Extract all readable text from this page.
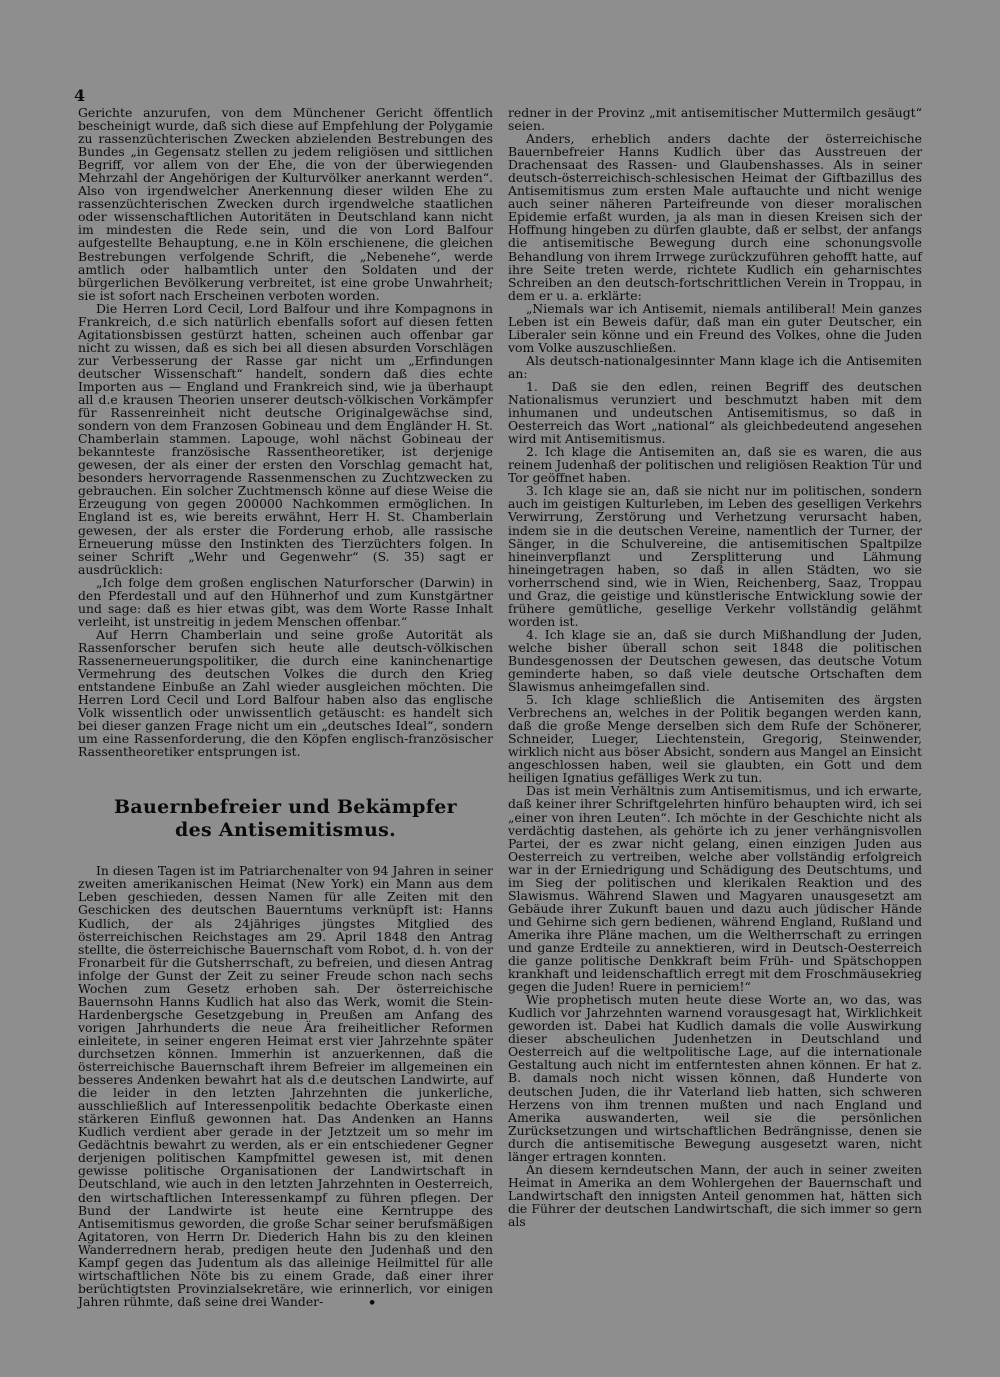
4

Gerichte anzurufen, von dem Münchener Gericht öffentlich bescheinigt wurde, daß sich diese auf Empfehlung der Polygamie zu rassenzüchterischen Zwecken abzielenden Bestrebungen des Bundes „in Gegensatz stellen zu jedem religiösen und sittlichen Begriff, vor allem von der Ehe, die von der überwiegenden Mehrzahl der Angehörigen der Kulturvölker anerkannt werden“. Also von irgendwelcher Anerkennung dieser wilden Ehe zu rassenzüchterischen Zwecken durch irgendwelche staatlichen oder wissenschaftlichen Autoritäten in Deutschland kann nicht im mindesten die Rede sein, und die von Lord Balfour aufgestellte Behauptung, e.ne in Köln erschienene, die gleichen Bestrebungen verfolgende Schrift, die „Nebenehe“, werde amtlich oder halbamtlich unter den Soldaten und der bürgerlichen Bevölkerung verbreitet, ist eine grobe Unwahrheit; sie ist sofort nach Erscheinen verboten worden.

Die Herren Lord Cecil, Lord Balfour und ihre Kompagnons in Frankreich, d.e sich natürlich ebenfalls sofort auf diesen fetten Agitationsbissen gestürzt hatten, scheinen auch offenbar gar nicht zu wissen, daß es sich bei all diesen absurden Vorschlägen zur Verbesserung der Rasse gar nicht um „Erfindungen deutscher Wissenschaft“ handelt, sondern daß dies echte Importen aus — England und Frankreich sind, wie ja überhaupt all d.e krausen Theorien unserer deutsch-völkischen Vorkämpfer für Rassenreinheit nicht deutsche Originalgewächse sind, sondern von dem Franzosen Gobineau und dem Engländer H. St. Chamberlain stammen. Lapouge, wohl nächst Gobineau der bekannteste französische Rassentheoretiker, ist derjenige gewesen, der als einer der ersten den Vorschlag gemacht hat, besonders hervorragende Rassenmenschen zu Zuchtzwecken zu gebrauchen. Ein solcher Zuchtmensch könne auf diese Weise die Erzeugung von gegen 200000 Nachkommen ermöglichen. In England ist es, wie bereits erwähnt, Herr H. St. Chamberlain gewesen, der als erster die Forderung erhob, alle rassische Erneuerung müsse den Instinkten des Tierzüchters folgen. In seiner Schrift „Wehr und Gegenwehr“ (S. 35) sagt er ausdrücklich:

„Ich folge dem großen englischen Naturforscher (Darwin) in den Pferdestall und auf den Hühnerhof und zum Kunstgärtner und sage: daß es hier etwas gibt, was dem Worte Rasse Inhalt verleiht, ist unstreitig in jedem Menschen offenbar.“

Auf Herrn Chamberlain und seine große Autorität als Rassenforscher berufen sich heute alle deutsch-völkischen Rassenerneuerungspolitiker, die durch eine kaninchenartige Vermehrung des deutschen Volkes die durch den Krieg entstandene Einbuße an Zahl wieder ausgleichen möchten. Die Herren Lord Cecil und Lord Balfour haben also das englische Volk wissentlich oder unwissentlich getäuscht: es handelt sich bei dieser ganzen Frage nicht um ein „deutsches Ideal“, sondern um eine Rassenforderung, die den Köpfen englisch-französischer Rassentheoretiker entsprungen ist.

Bauernbefreier und Bekämpfer
des Antisemitismus.

In diesen Tagen ist im Patriarchenalter von 94 Jahren in seiner zweiten amerikanischen Heimat (New York) ein Mann aus dem Leben geschieden, dessen Namen für alle Zeiten mit den Geschicken des deutschen Bauerntums verknüpft ist: Hanns Kudlich, der als 24jähriges jüngstes Mitglied des österreichischen Reichstages am 29. April 1848 den Antrag stellte, die österreichische Bauernschaft vom Robot, d. h. von der Fronarbeit für die Gutsherrschaft, zu befreien, und diesen Antrag infolge der Gunst der Zeit zu seiner Freude schon nach sechs Wochen zum Gesetz erhoben sah. Der österreichische Bauernsohn Hanns Kudlich hat also das Werk, womit die Stein-Hardenbergsche Gesetzgebung in Preußen am Anfang des vorigen Jahrhunderts die neue Ära freiheitlicher Reformen einleitete, in seiner engeren Heimat erst vier Jahrzehnte später durchsetzen können. Immerhin ist anzuerkennen, daß die österreichische Bauernschaft ihrem Befreier im allgemeinen ein besseres Andenken bewahrt hat als d.e deutschen Landwirte, auf die leider in den letzten Jahrzehnten die junkerliche, ausschließlich auf Interessenpolitik bedachte Oberkaste einen stärkeren Einfluß gewonnen hat. Das Andenken an Hanns Kudlich verdient aber gerade in der Jetztzeit um so mehr im Gedächtnis bewahrt zu werden, als er ein entschiedener Gegner derjenigen politischen Kampfmittel gewesen ist, mit denen gewisse politische Organisationen der Landwirtschaft in Deutschland, wie auch in den letzten Jahrzehnten in Oesterreich, den wirtschaftlichen Interessenkampf zu führen pflegen. Der Bund der Landwirte ist heute eine Kerntruppe des Antisemitismus geworden, die große Schar seiner berufsmäßigen Agitatoren, von Herrn Dr. Diederich Hahn bis zu den kleinen Wanderrednern herab, predigen heute den Judenhaß und den Kampf gegen das Judentum als das alleinige Heilmittel für alle wirtschaftlichen Nöte bis zu einem Grade, daß einer ihrer berüchtigtsten Provinzialsekretäre, wie erinnerlich, vor einigen Jahren rühmte, daß seine drei Wander-

redner in der Provinz „mit antisemitischer Muttermilch gesäugt“ seien.

Anders, erheblich anders dachte der österreichische Bauernbefreier Hanns Kudlich über das Ausstreuen der Drachensaat des Rassen- und Glaubenshasses. Als in seiner deutsch-österreichisch-schlesischen Heimat der Giftbazillus des Antisemitismus zum ersten Male auftauchte und nicht wenige auch seiner näheren Parteifreunde von dieser moralischen Epidemie erfaßt wurden, ja als man in diesen Kreisen sich der Hoffnung hingeben zu dürfen glaubte, daß er selbst, der anfangs die antisemitische Bewegung durch eine schonungsvolle Behandlung von ihrem Irrwege zurückzuführen gehofft hatte, auf ihre Seite treten werde, richtete Kudlich ein geharnischtes Schreiben an den deutsch-fortschrittlichen Verein in Troppau, in dem er u. a. erklärte:

„Niemals war ich Antisemit, niemals antiliberal! Mein ganzes Leben ist ein Beweis dafür, daß man ein guter Deutscher, ein Liberaler sein könne und ein Freund des Volkes, ohne die Juden vom Volke auszuschließen.

Als deutsch-nationalgesinnter Mann klage ich die Antisemiten an:

1. Daß sie den edlen, reinen Begriff des deutschen Nationalismus verunziert und beschmutzt haben mit dem inhumanen und undeutschen Antisemitismus, so daß in Oesterreich das Wort „national“ als gleichbedeutend angesehen wird mit Antisemitismus.

2. Ich klage die Antisemiten an, daß sie es waren, die aus reinem Judenhaß der politischen und religiösen Reaktion Tür und Tor geöffnet haben.

3. Ich klage sie an, daß sie nicht nur im politischen, sondern auch im geistigen Kulturleben, im Leben des geselligen Verkehrs Verwirrung, Zerstörung und Verhetzung verursacht haben, indem sie in die deutschen Vereine, namentlich der Turner, der Sänger, in die Schulvereine, die antisemitischen Spaltpilze hineinverpflanzt und Zersplitterung und Lähmung hineingetragen haben, so daß in allen Städten, wo sie vorherrschend sind, wie in Wien, Reichenberg, Saaz, Troppau und Graz, die geistige und künstlerische Entwicklung sowie der frühere gemütliche, gesellige Verkehr vollständig gelähmt worden ist.

4. Ich klage sie an, daß sie durch Mißhandlung der Juden, welche bisher überall schon seit 1848 die politischen Bundesgenossen der Deutschen gewesen, das deutsche Votum geminderte haben, so daß viele deutsche Ortschaften dem Slawismus anheimgefallen sind.

5. Ich klage schließlich die Antisemiten des ärgsten Verbrechens an, welches in der Politik begangen werden kann, daß die große Menge derselben sich dem Rufe der Schönerer, Schneider, Lueger, Liechtenstein, Gregorig, Steinwender, wirklich nicht aus böser Absicht, sondern aus Mangel an Einsicht angeschlossen haben, weil sie glaubten, ein Gott und dem heiligen Ignatius gefälliges Werk zu tun.

Das ist mein Verhältnis zum Antisemitismus, und ich erwarte, daß keiner ihrer Schriftgelehrten hinfüro behaupten wird, ich sei „einer von ihren Leuten“. Ich möchte in der Geschichte nicht als verdächtig dastehen, als gehörte ich zu jener verhängnisvollen Partei, der es zwar nicht gelang, einen einzigen Juden aus Oesterreich zu vertreiben, welche aber vollständig erfolgreich war in der Erniedrigung und Schädigung des Deutschtums, und im Sieg der politischen und klerikalen Reaktion und des Slawismus. Während Slawen und Magyaren unausgesetzt am Gebäude ihrer Zukunft bauen und dazu auch jüdischer Hände und Gehirne sich gern bedienen, während England, Rußland und Amerika ihre Pläne machen, um die Weltherrschaft zu erringen und ganze Erdteile zu annektieren, wird in Deutsch-Oesterreich die ganze politische Denkkraft beim Früh- und Spätschoppen krankhaft und leidenschaftlich erregt mit dem Froschmäusekrieg gegen die Juden! Ruere in perniciem!“

Wie prophetisch muten heute diese Worte an, wo das, was Kudlich vor Jahrzehnten warnend vorausgesagt hat, Wirklichkeit geworden ist. Dabei hat Kudlich damals die volle Auswirkung dieser abscheulichen Judenhetzen in Deutschland und Oesterreich auf die weltpolitische Lage, auf die internationale Gestaltung auch nicht im entferntesten ahnen können. Er hat z. B. damals noch nicht wissen können, daß Hunderte von deutschen Juden, die ihr Vaterland lieb hatten, sich schweren Herzens von ihm trennen mußten und nach England und Amerika auswanderten, weil sie die persönlichen Zurücksetzungen und wirtschaftlichen Bedrängnisse, denen sie durch die antisemitische Bewegung ausgesetzt waren, nicht länger ertragen konnten.

An diesem kerndeutschen Mann, der auch in seiner zweiten Heimat in Amerika an dem Wohlergehen der Bauernschaft und Landwirtschaft den innigsten Anteil genommen hat, hätten sich die Führer der deutschen Landwirtschaft, die sich immer so gern als

•
